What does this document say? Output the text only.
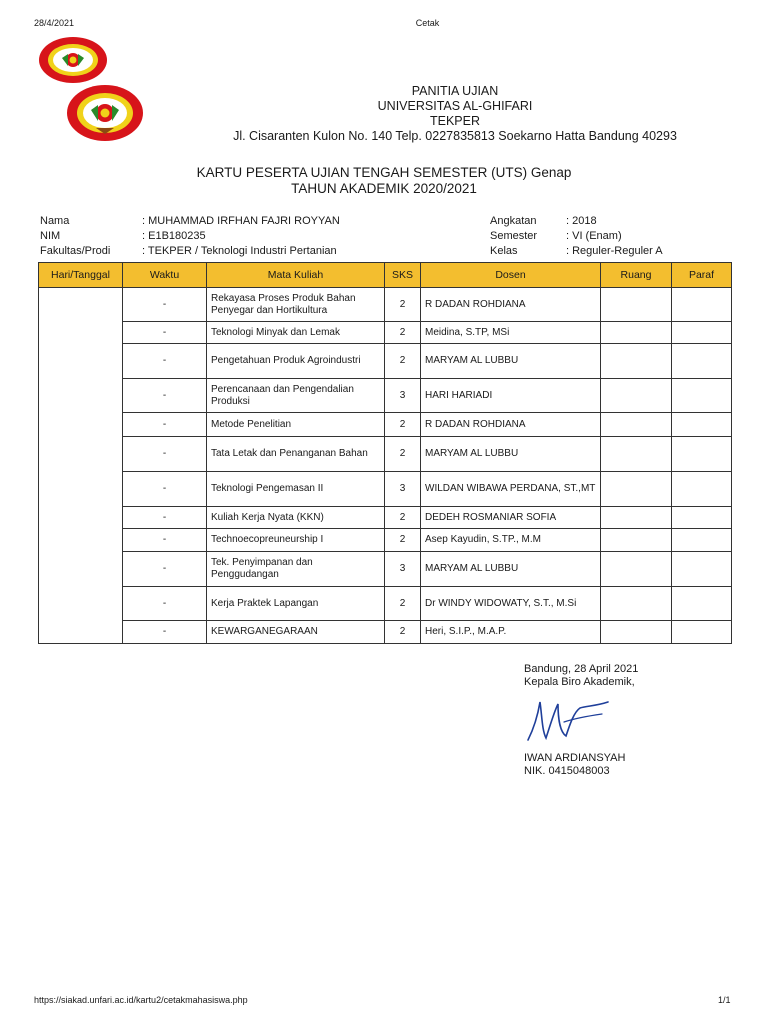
28/4/2021	Cetak
PANITIA UJIAN
UNIVERSITAS AL-GHIFARI
TEKPER
Jl. Cisaranten Kulon No. 140 Telp. 0227835813 Soekarno Hatta Bandung 40293
KARTU PESERTA UJIAN TENGAH SEMESTER (UTS) Genap
TAHUN AKADEMIK 2020/2021
Nama	: MUHAMMAD IRFHAN FAJRI ROYYAN
NIM	: E1B180235
Fakultas/Prodi	: TEKPER / Teknologi Industri Pertanian
Angkatan	: 2018
Semester	: VI (Enam)
Kelas	: Reguler-Reguler A
Hari/Tanggal	Waktu	Mata Kuliah	SKS	Dosen	Ruang	Paraf
	-	Rekayasa Proses Produk Bahan Penyegar dan Hortikultura	2	R DADAN ROHDIANA		
	-	Teknologi Minyak dan Lemak	2	Meidina, S.TP, MSi		
	-	Pengetahuan Produk Agroindustri	2	MARYAM AL LUBBU		
	-	Perencanaan dan Pengendalian Produksi	3	HARI HARIADI		
	-	Metode Penelitian	2	R DADAN ROHDIANA		
	-	Tata Letak dan Penanganan Bahan	2	MARYAM AL LUBBU		
	-	Teknologi Pengemasan II	3	WILDAN WIBAWA PERDANA, ST.,MT		
	-	Kuliah Kerja Nyata (KKN)	2	DEDEH ROSMANIAR SOFIA		
	-	Technoecopreuneurship I	2	Asep Kayudin, S.TP., M.M		
	-	Tek. Penyimpanan dan Penggudangan	3	MARYAM AL LUBBU		
	-	Kerja Praktek Lapangan	2	Dr WINDY WIDOWATY, S.T., M.Si		
	-	KEWARGANEGARAAN	2	Heri, S.I.P., M.A.P.		
Bandung, 28 April 2021
Kepala Biro Akademik,
IWAN ARDIANSYAH
NIK. 0415048003
https://siakad.unfari.ac.id/kartu2/cetakmahasiswa.php	1/1
